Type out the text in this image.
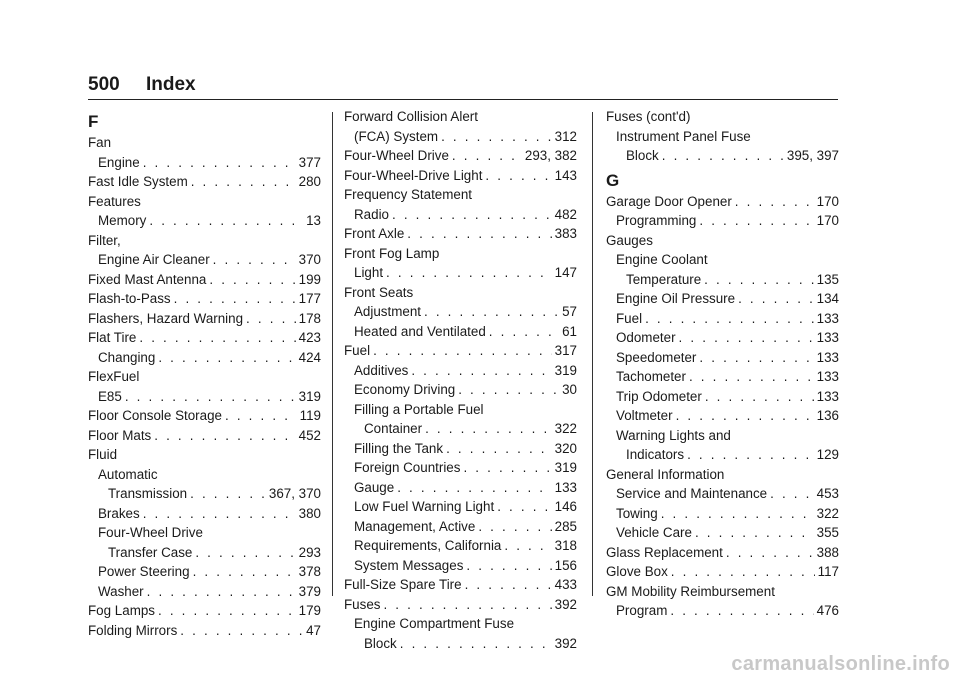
500	Index
F
Fan
Engine . . .	377
Fast Idle System . . .	280
Features
Memory . . .	13
Filter,
Engine Air Cleaner . . .	370
Fixed Mast Antenna . . .	199
Flash-to-Pass . . .	177
Flashers, Hazard Warning . . .	178
Flat Tire . . .	423
Changing . . .	424
FlexFuel
E85 . . .	319
Floor Console Storage . . .	119
Floor Mats . . .	452
Fluid
Automatic
Transmission . . .	367, 370
Brakes . . .	380
Four-Wheel Drive
Transfer Case . . .	293
Power Steering . . .	378
Washer . . .	379
Fog Lamps . . .	179
Folding Mirrors . . .	47
Forward Collision Alert
(FCA) System . . .	312
Four-Wheel Drive . . .	293, 382
Four-Wheel-Drive Light . . .	143
Frequency Statement
Radio . . .	482
Front Axle . . .	383
Front Fog Lamp
Light . . .	147
Front Seats
Adjustment . . .	57
Heated and Ventilated . . .	61
Fuel . . .	317
Additives . . .	319
Economy Driving . . .	30
Filling a Portable Fuel
Container . . .	322
Filling the Tank . . .	320
Foreign Countries . . .	319
Gauge . . .	133
Low Fuel Warning Light . . .	146
Management, Active . . .	285
Requirements, California . . .	318
System Messages . . .	156
Full-Size Spare Tire . . .	433
Fuses . . .	392
Engine Compartment Fuse
Block . . .	392
Fuses (cont'd)
Instrument Panel Fuse
Block . . .	395, 397
G
Garage Door Opener . . .	170
Programming . . .	170
Gauges
Engine Coolant
Temperature . . .	135
Engine Oil Pressure . . .	134
Fuel . . .	133
Odometer . . .	133
Speedometer . . .	133
Tachometer . . .	133
Trip Odometer . . .	133
Voltmeter . . .	136
Warning Lights and
Indicators . . .	129
General Information
Service and Maintenance . . .	453
Towing . . .	322
Vehicle Care . . .	355
Glass Replacement . . .	388
Glove Box . . .	117
GM Mobility Reimbursement
Program . . .	476
carmanualsonline.info
